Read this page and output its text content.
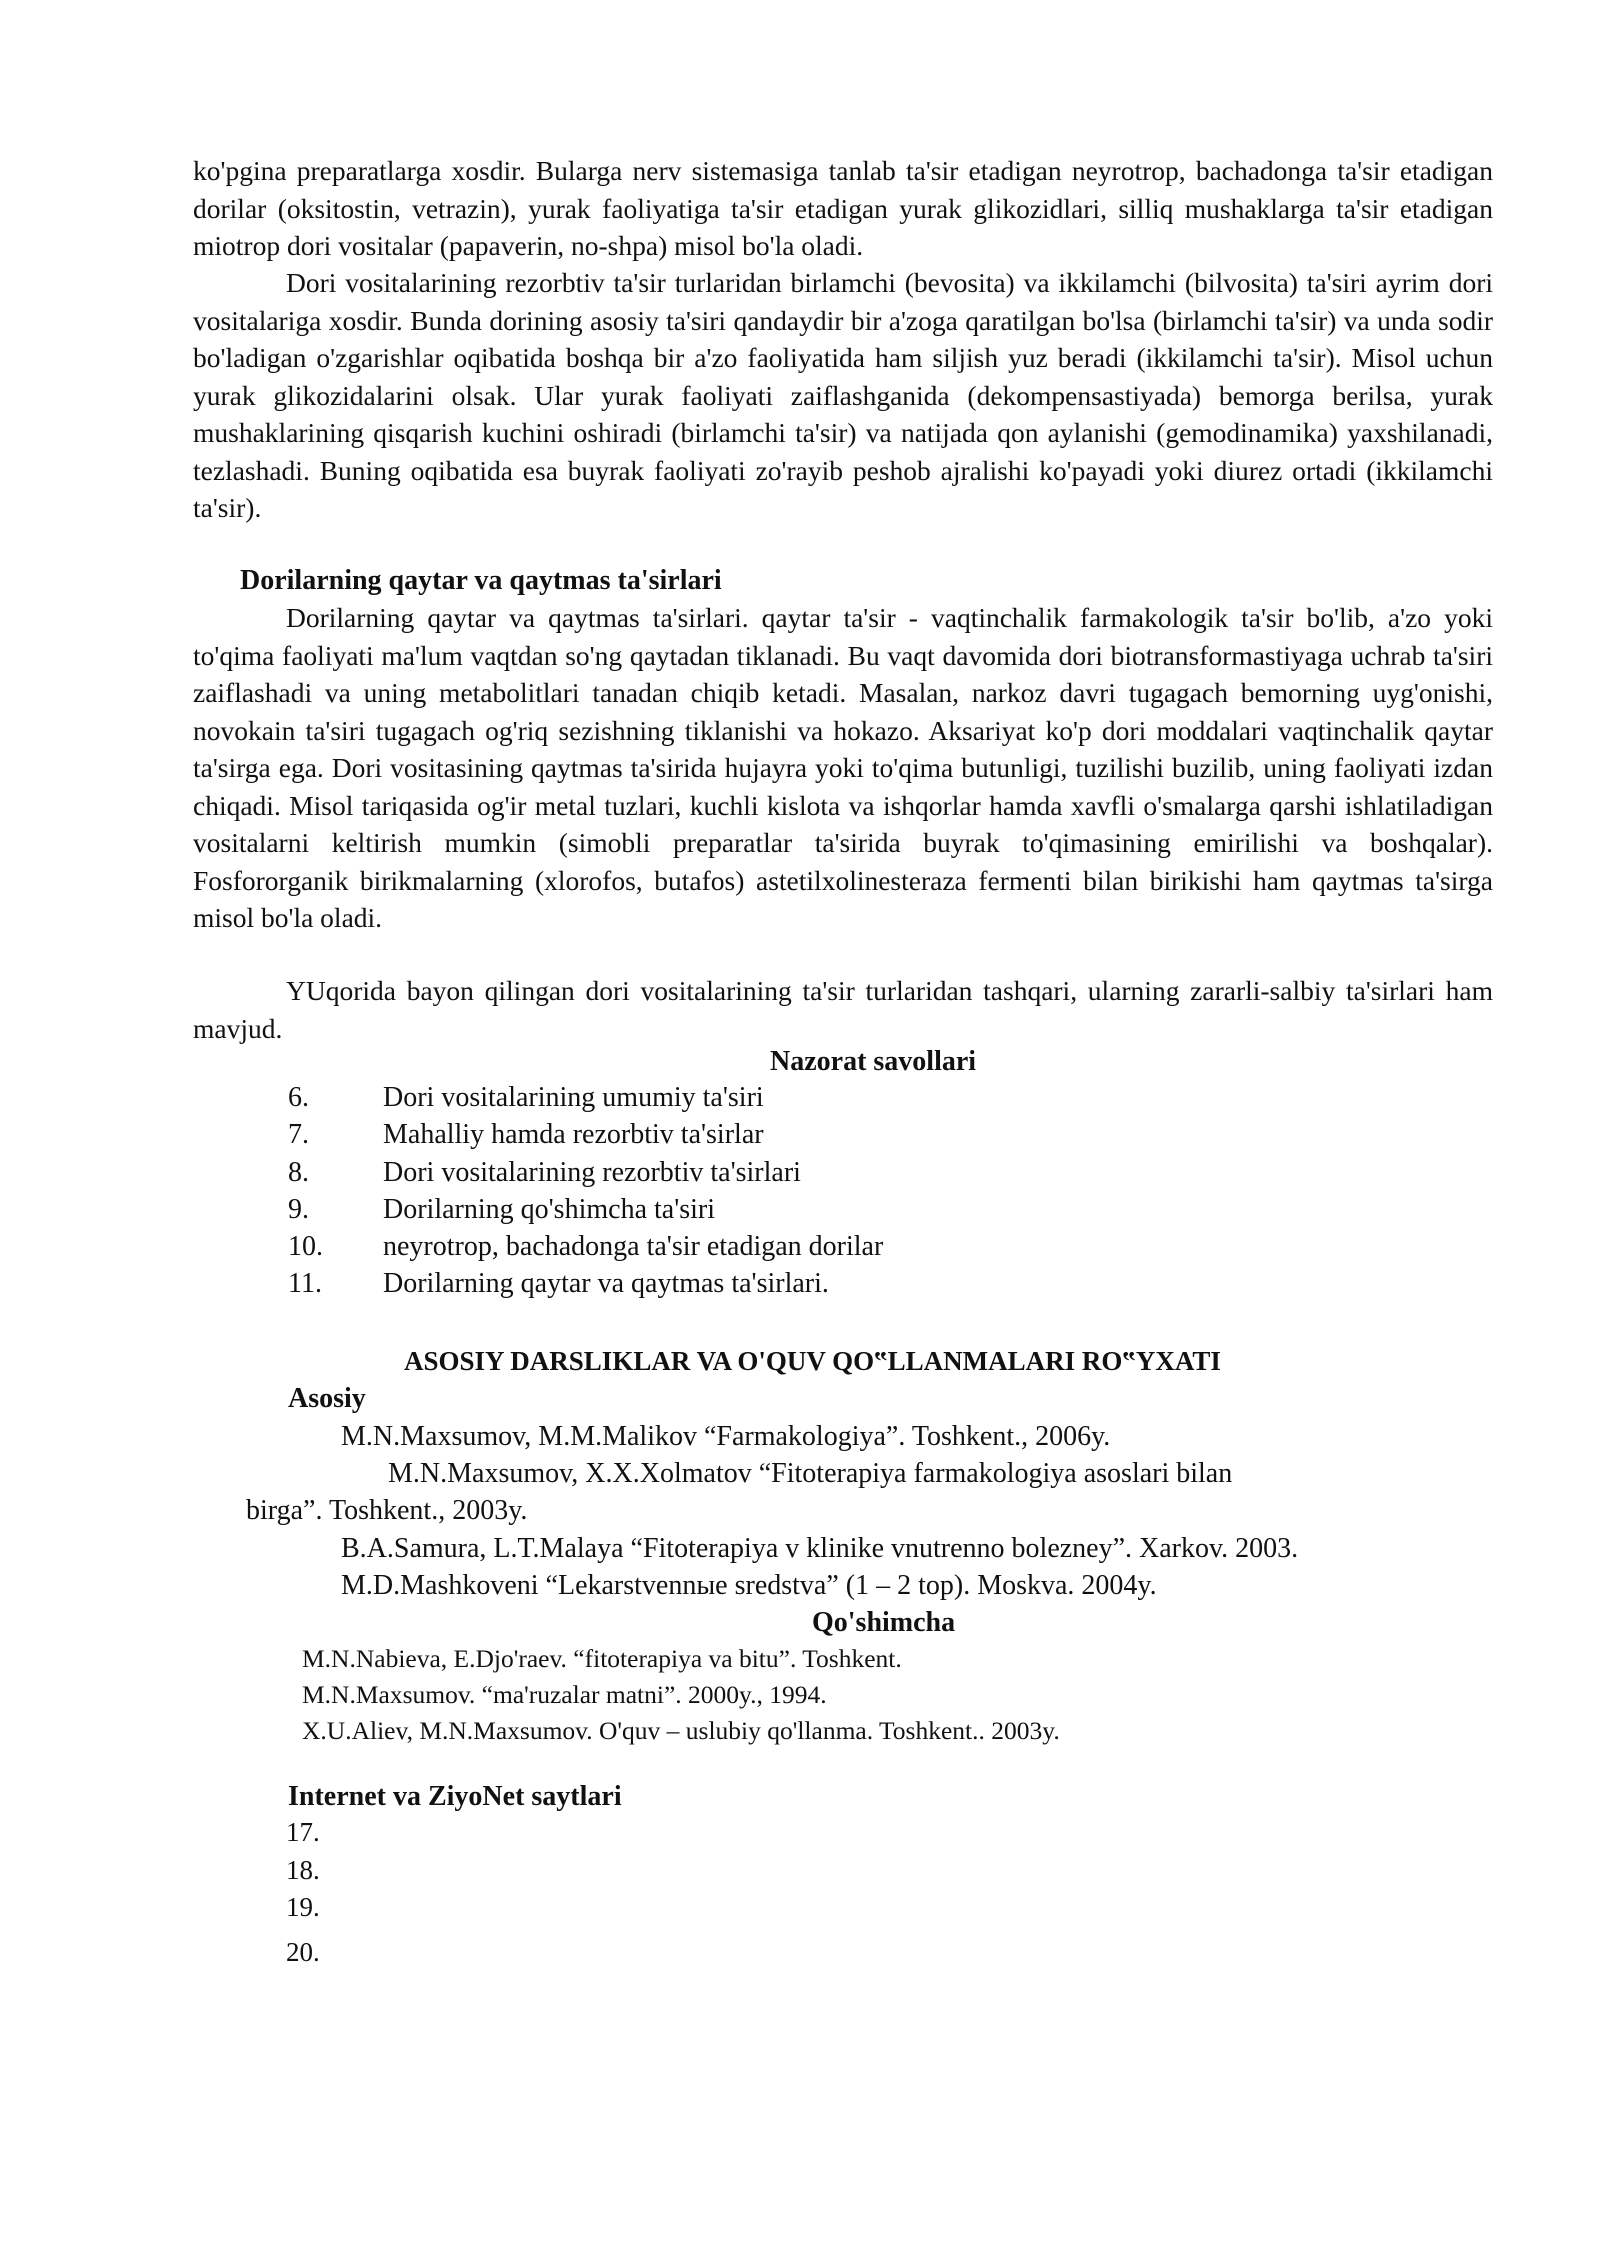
ko'pgina preparatlarga xosdir. Bularga nerv sistemasiga tanlab ta'sir etadigan neyrotrop, bachadonga ta'sir etadigan dorilar (oksitostin, vetrazin), yurak faoliyatiga ta'sir etadigan yurak glikozidlari, silliq mushaklarga ta'sir etadigan miotrop dori vositalar (papaverin, no-shpa) misol bo'la oladi.

Dori vositalarining rezorbtiv ta'sir turlaridan birlamchi (bevosita) va ikkilamchi (bilvosita) ta'siri ayrim dori vositalariga xosdir. Bunda dorining asosiy ta'siri qandaydir bir a'zoga qaratilgan bo'lsa (birlamchi ta'sir) va unda sodir bo'ladigan o'zgarishlar oqibatida boshqa bir a'zo faoliyatida ham siljish yuz beradi (ikkilamchi ta'sir). Misol uchun yurak glikozidalarini olsak. Ular yurak faoliyati zaiflashganida (dekompensastiyada) bemorga berilsa, yurak mushaklarining qisqarish kuchini oshiradi (birlamchi ta'sir) va natijada qon aylanishi (gemodinamika) yaxshilanadi, tezlashadi. Buning oqibatida esa buyrak faoliyati zo'rayib peshob ajralishi ko'payadi yoki diurez ortadi (ikkilamchi ta'sir).

Dorilarning qaytar va qaytmas ta'sirlari

Dorilarning qaytar va qaytmas ta'sirlari. qaytar ta'sir - vaqtinchalik farmakologik ta'sir bo'lib, a'zo yoki to'qima faoliyati ma'lum vaqtdan so'ng qaytadan tiklanadi. Bu vaqt davomida dori biotransformastiyaga uchrab ta'siri zaiflashadi va uning metabolitlari tanadan chiqib ketadi. Masalan, narkoz davri tugagach bemorning uyg'onishi, novokain ta'siri tugagach og'riq sezishning tiklanishi va hokazo. Aksariyat ko'p dori moddalari vaqtinchalik qaytar ta'sirga ega. Dori vositasining qaytmas ta'sirida hujayra yoki to'qima butunligi, tuzilishi buzilib, uning faoliyati izdan chiqadi. Misol tariqasida og'ir metal tuzlari, kuchli kislota va ishqorlar hamda xavfli o'smalarga qarshi ishlatiladigan vositalarni keltirish mumkin (simobli preparatlar ta'sirida buyrak to'qimasining emirilishi va boshqalar). Fosfororganik birikmalarning (xlorofos, butafos) astetilxolinesteraza fermenti bilan birikishi ham qaytmas ta'sirga misol bo'la oladi.

YUqorida bayon qilingan dori vositalarining ta'sir turlaridan tashqari, ularning zararli-salbiy ta'sirlari ham mavjud.

Nazorat savollari

6.	Dori vositalarining umumiy ta'siri
7.	Mahalliy hamda rezorbtiv ta'sirlar
8.	Dori vositalarining rezorbtiv ta'sirlari
9.	Dorilarning qo'shimcha ta'siri
10.	neyrotrop, bachadonga ta'sir etadigan dorilar
11.	Dorilarning qaytar va qaytmas ta'sirlari.

ASOSIY DARSLIKLAR VA O'QUV QO‟LLANMALARI RO‟YXATI

Asosiy

M.N.Maxsumov, M.M.Malikov “Farmakologiya”. Toshkent., 2006y.

M.N.Maxsumov, X.X.Xolmatov “Fitoterapiya farmakologiya asoslari bilan

birga”. Toshkent., 2003y.

B.A.Samura, L.T.Malaya “Fitoterapiya v klinike vnutrenno bolezney”. Xarkov. 2003.

M.D.Mashkoveni “Lekarstvennыe sredstva” (1 – 2 top). Moskva. 2004y.

Qo'shimcha

M.N.Nabieva, E.Djo'raev. “fitoterapiya va bitu”. Toshkent.

M.N.Maxsumov. “ma'ruzalar matni”. 2000y., 1994.

X.U.Aliev, M.N.Maxsumov. O'quv – uslubiy qo'llanma. Toshkent.. 2003y.

Internet va ZiyoNet saytlari

17.
18.
19.
20.
